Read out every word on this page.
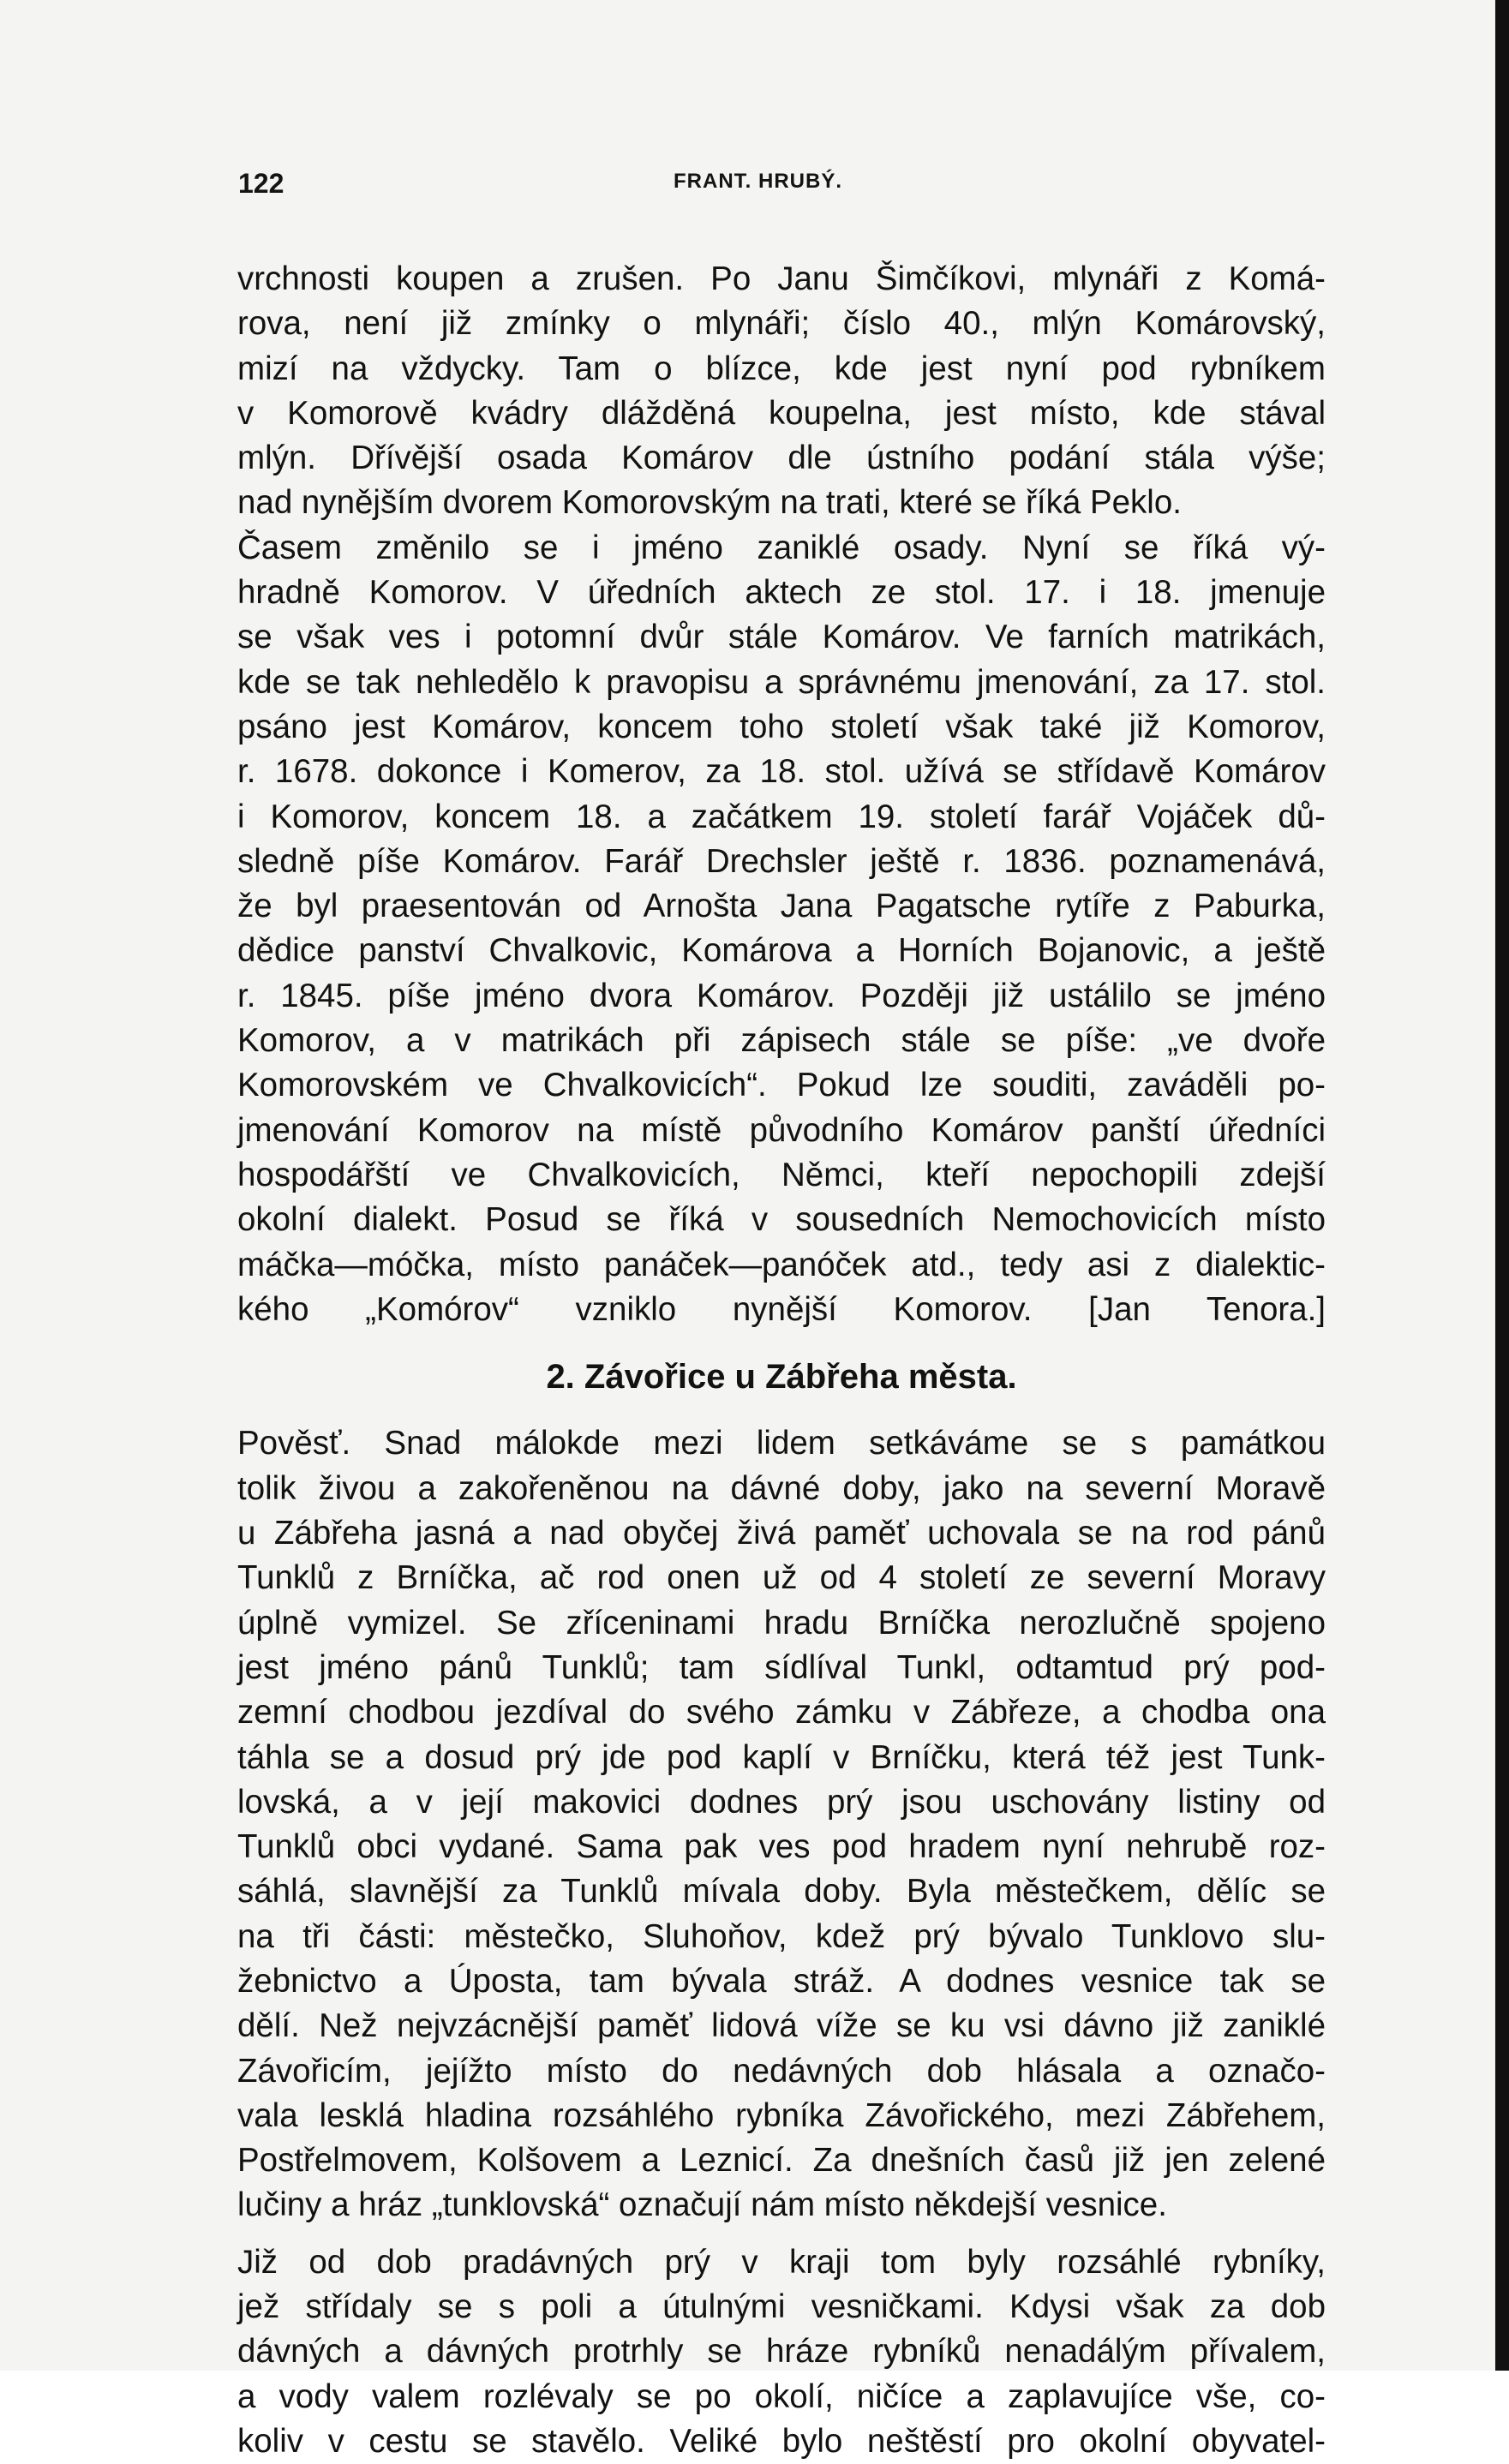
122	FRANT. HRUBÝ.
vrchnosti koupen a zrušen. Po Janu Šimčíkovi, mlynáři z Komá-
rova, není již zmínky o mlynáři; číslo 40., mlýn Komárovský,
mizí na vždycky. Tam o blízce, kde jest nyní pod rybníkem
v Komorově kvádry dlážděná koupelna, jest místo, kde stával
mlýn. Dřívější osada Komárov dle ústního podání stála výše;
nad nynějším dvorem Komorovským na trati, které se říká Peklo.
Časem změnilo se i jméno zaniklé osady. Nyní se říká vý-
hradně Komorov. V úředních aktech ze stol. 17. i 18. jmenuje
se však ves i potomní dvůr stále Komárov. Ve farních matrikách,
kde se tak nehledělo k pravopisu a správnému jmenování, za 17. stol.
psáno jest Komárov, koncem toho století však také již Komorov,
r. 1678. dokonce i Komerov, za 18. stol. užívá se střídavě Komárov
i Komorov, koncem 18. a začátkem 19. století farář Vojáček dů-
sledně píše Komárov. Farář Drechsler ještě r. 1836. poznamenává,
že byl praesentován od Arnošta Jana Pagatsche rytíře z Paburka,
dědice panství Chvalkovic, Komárova a Horních Bojanovic, a ještě
r. 1845. píše jméno dvora Komárov. Později již ustálilo se jméno
Komorov, a v matrikách při zápisech stále se píše: „ve dvoře
Komorovském ve Chvalkovicích“. Pokud lze souditi, zaváděli po-
jmenování Komorov na místě původního Komárov panští úředníci
hospodářští ve Chvalkovicích, Němci, kteří nepochopili zdejší
okolní dialekt. Posud se říká v sousedních Nemochovicích místo
máčka—móčka, místo panáček—panóček atd., tedy asi z dialektic-
kého „Komórov“ vzniklo nynější Komorov. [Jan Tenora.]
2. Závořice u Zábřeha města.
Pověsť. Snad málokde mezi lidem setkáváme se s památkou
tolik živou a zakořeněnou na dávné doby, jako na severní Moravě
u Zábřeha jasná a nad obyčej živá paměť uchovala se na rod pánů
Tunklů z Brníčka, ač rod onen už od 4 století ze severní Moravy
úplně vymizel. Se zříceninami hradu Brníčka nerozlučně spojeno
jest jméno pánů Tunklů; tam sídlíval Tunkl, odtamtud prý pod-
zemní chodbou jezdíval do svého zámku v Zábřeze, a chodba ona
táhla se a dosud prý jde pod kaplí v Brníčku, která též jest Tunk-
lovská, a v její makovici dodnes prý jsou uschovány listiny od
Tunklů obci vydané. Sama pak ves pod hradem nyní nehrubě roz-
sáhlá, slavnější za Tunklů mívala doby. Byla městečkem, dělíc se
na tři části: městečko, Sluhoňov, kdež prý bývalo Tunklovo slu-
žebnictvo a Úposta, tam bývala stráž. A dodnes vesnice tak se
dělí. Než nejvzácnější paměť lidová víže se ku vsi dávno již zaniklé
Závořicím, jejížto místo do nedávných dob hlásala a označo-
vala lesklá hladina rozsáhlého rybníka Závořického, mezi Zábřehem,
Postřelmovem, Kolšovem a Leznicí. Za dnešních časů již jen zelené
lučiny a hráz „tunklovská“ označují nám místo někdejší vesnice.
Již od dob pradávných prý v kraji tom byly rozsáhlé rybníky,
jež střídaly se s poli a útulnými vesničkami. Kdysi však za dob
dávných a dávných protrhly se hráze rybníků nenadálým přívalem,
a vody valem rozlévaly se po okolí, ničíce a zaplavujíce vše, co-
koliv v cestu se stavělo. Veliké bylo neštěstí pro okolní obyvatel-
